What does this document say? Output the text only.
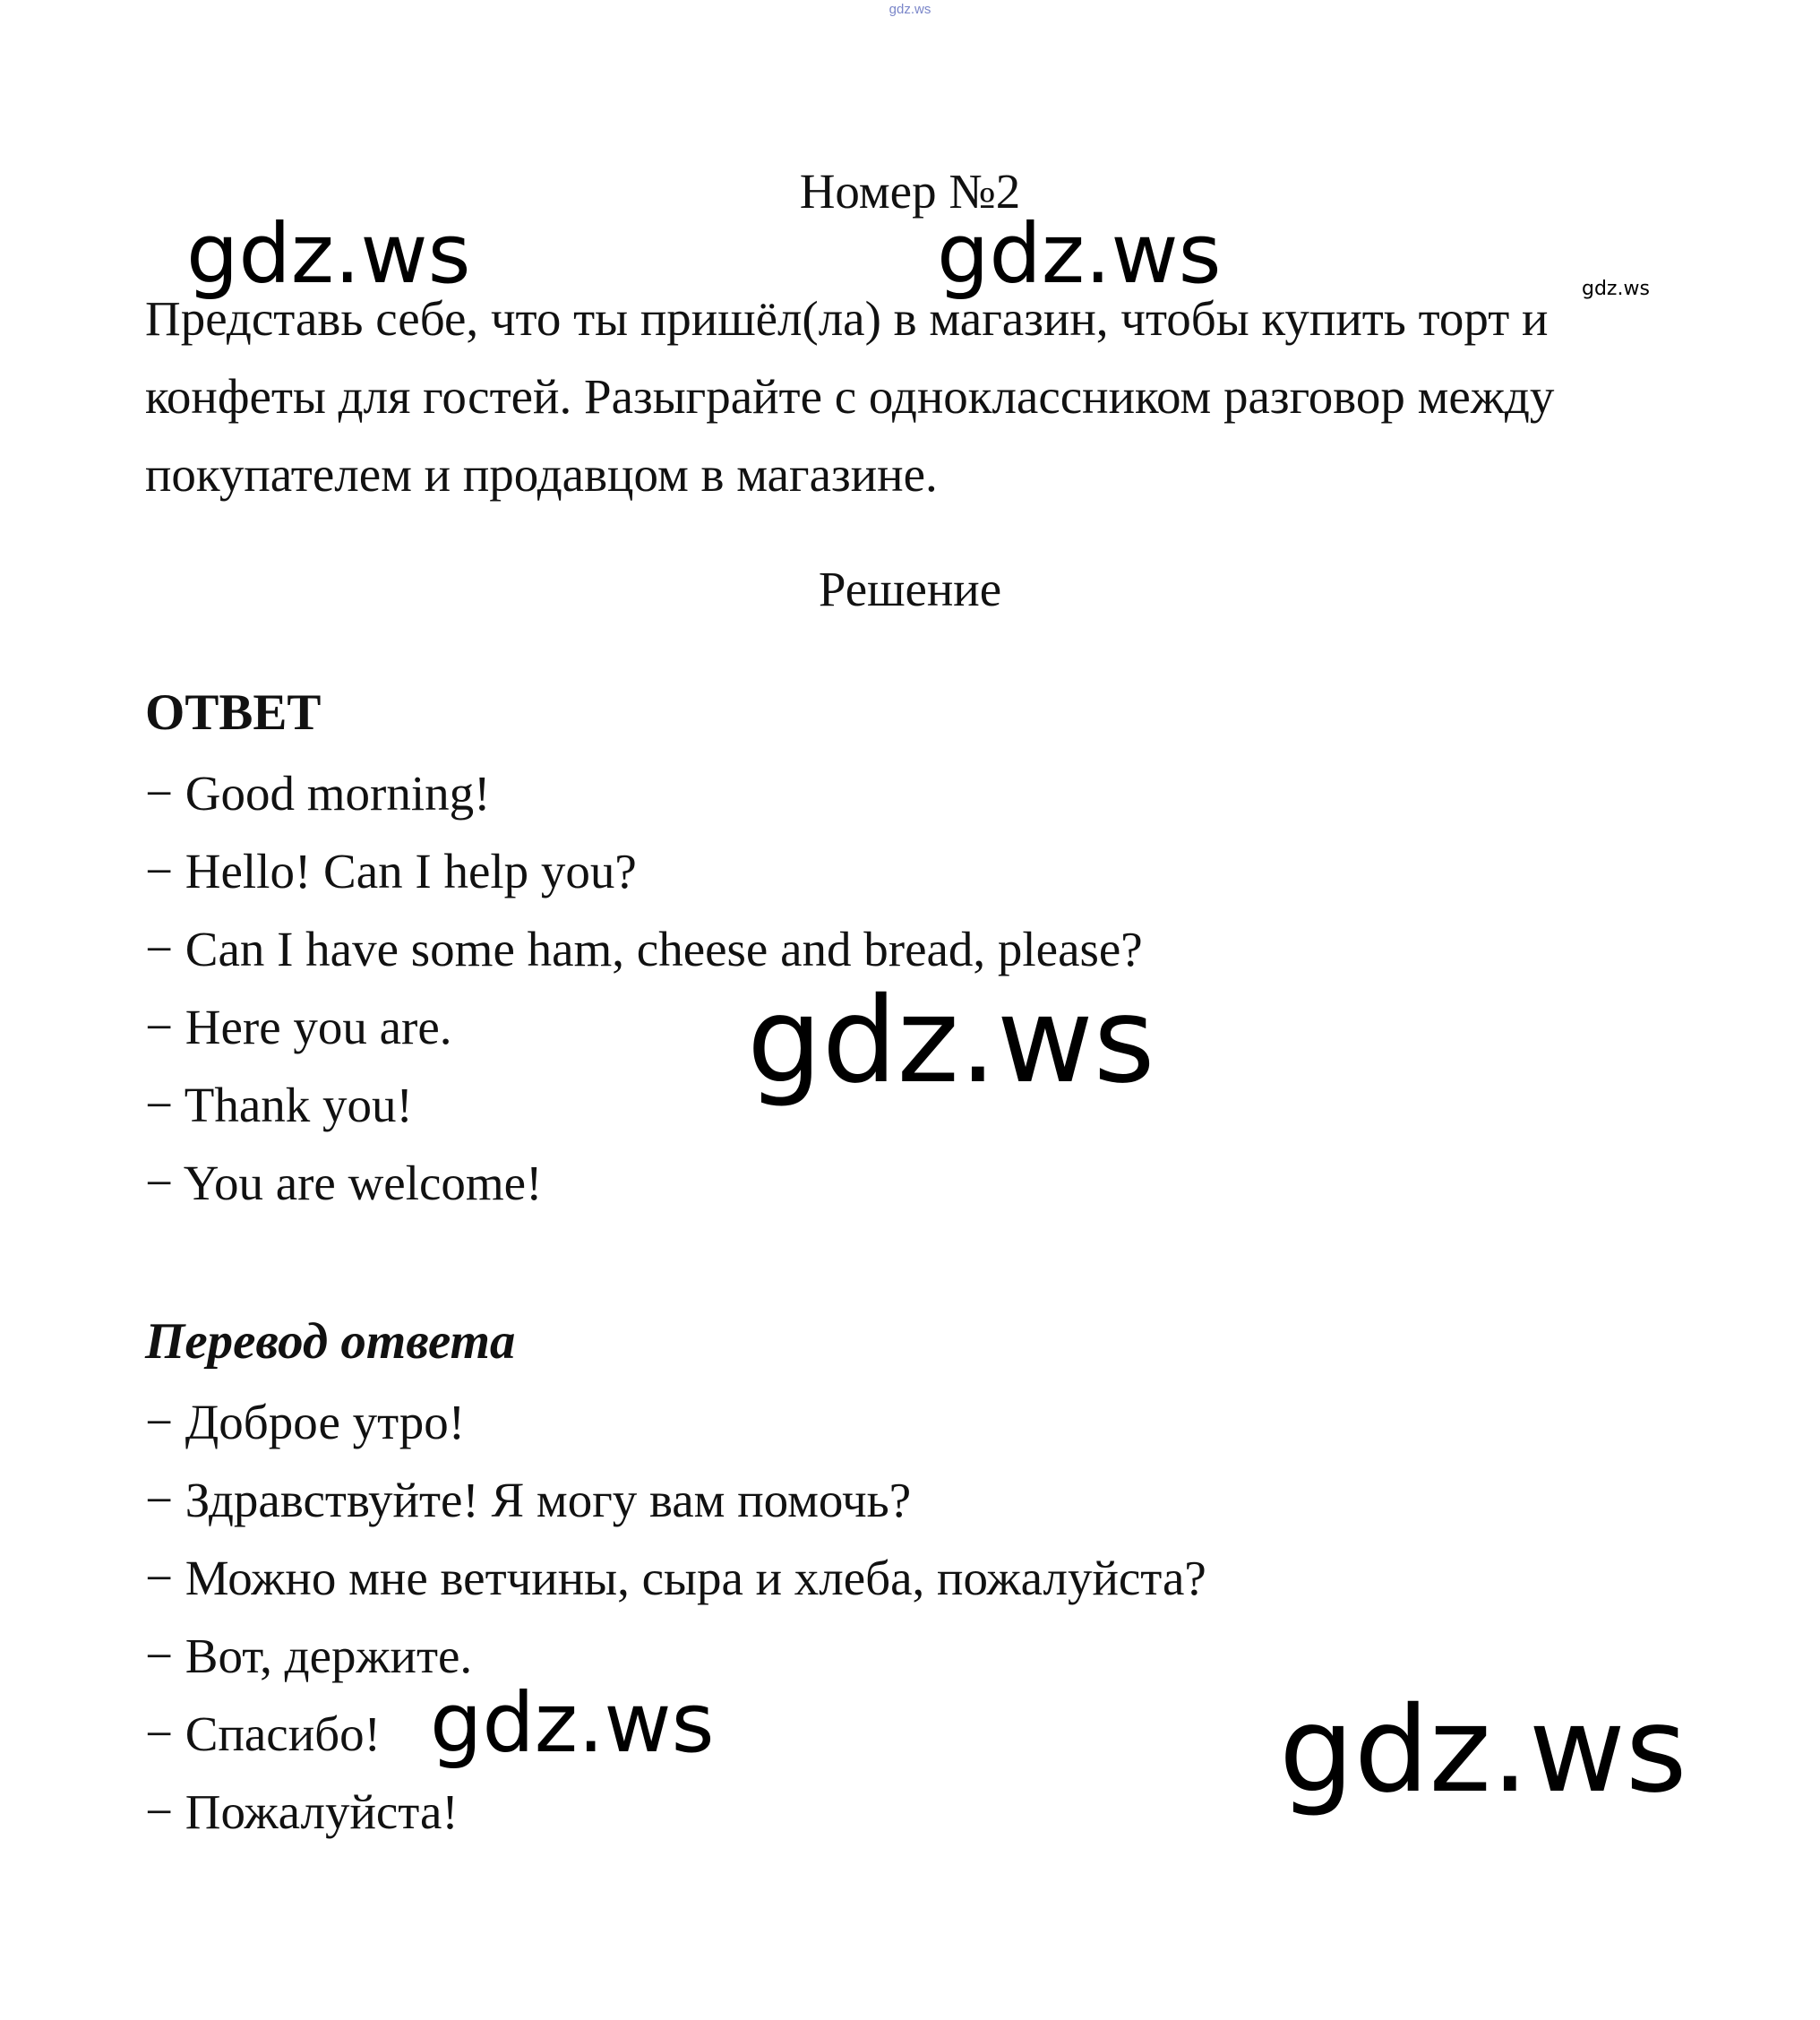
gdz.ws
Номер №2

Представь себе, что ты пришёл(ла) в магазин, чтобы купить торт и

конфеты для гостей. Разыграйте с одноклассником разговор между

покупателем и продавцом в магазине.

Решение
ОТВЕТ
− Good morning!
− Hello! Can I help you?
− Can I have some ham, cheese and bread, please?
− Here you are.
− Thank you!
− You are welcome!
Перевод ответа
− Доброе утро!
− Здравствуйте! Я могу вам помочь?
− Можно мне ветчины, сыра и хлеба, пожалуйста?
− Вот, держите.
− Спасибо!
− Пожалуйста!
gdz.ws	gdz.ws	gdz.ws
gdz.ws
gdz.ws	gdz.ws
